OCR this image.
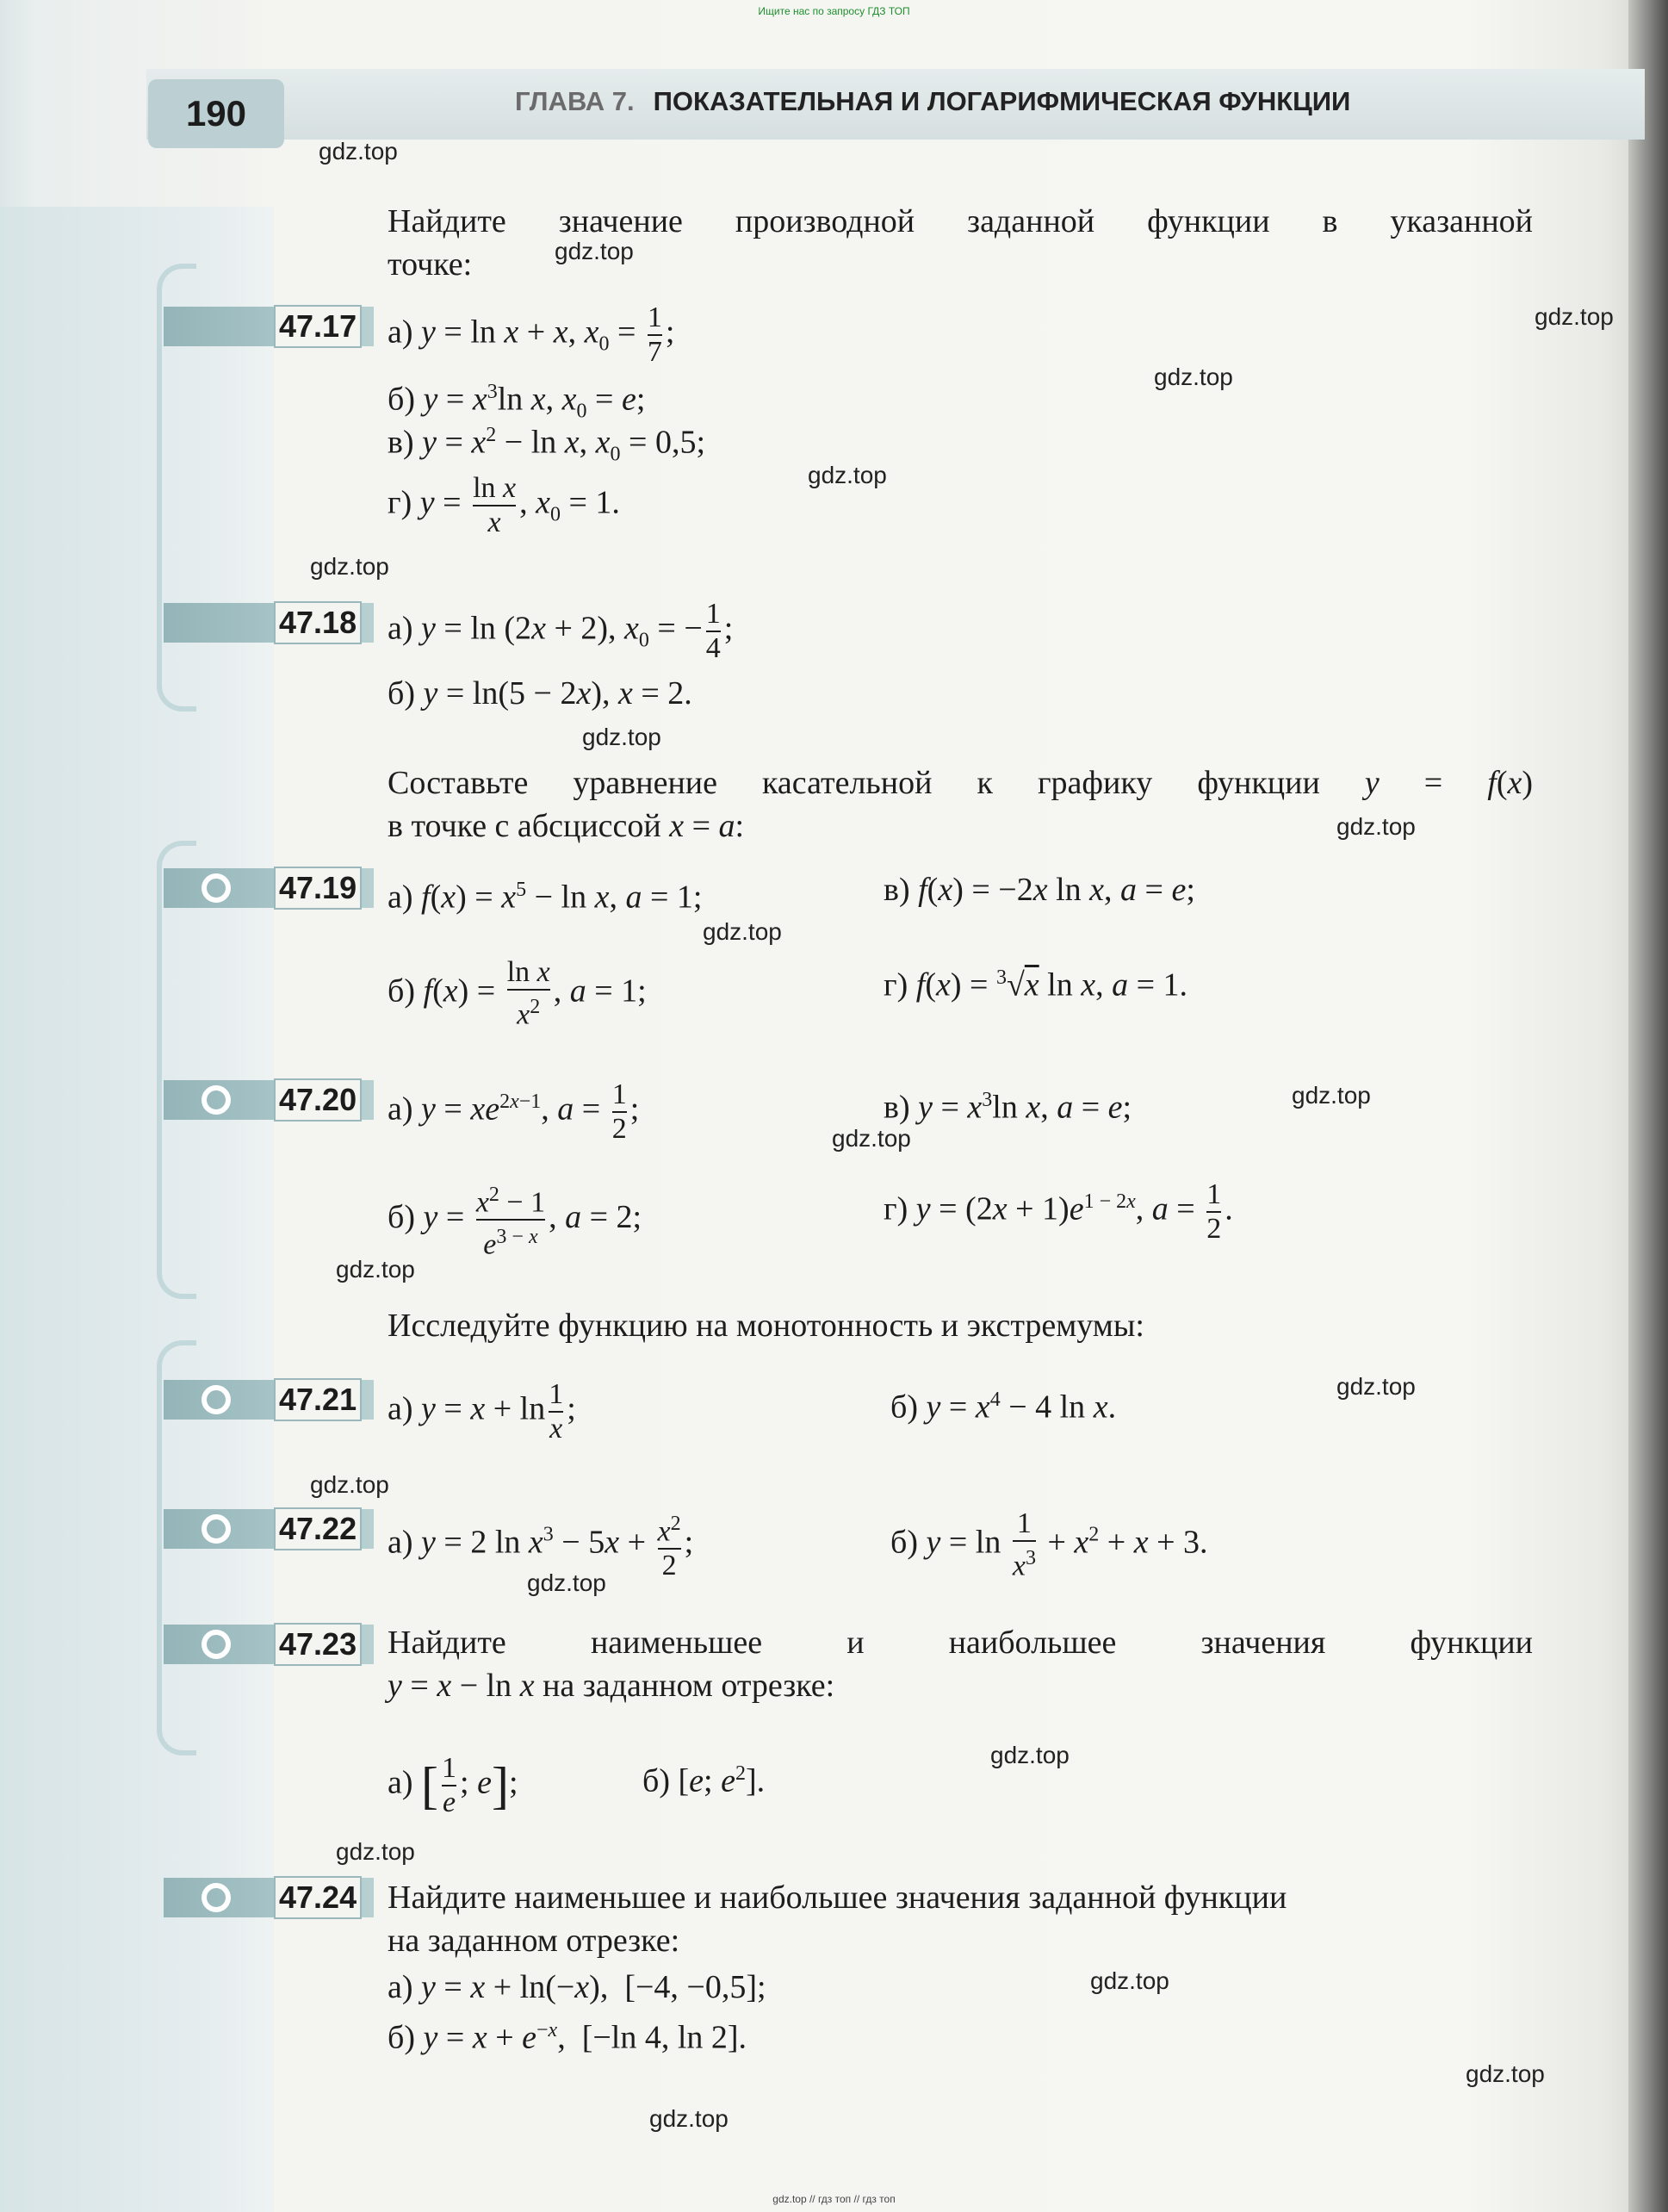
Ищите нас по запросу ГДЗ ТОП
190	ГЛАВА 7. ПОКАЗАТЕЛЬНАЯ И ЛОГАРИФМИЧЕСКАЯ ФУНКЦИИ
Найдите значение производной заданной функции в указанной
точке:
47.17 а) y = ln x + x, $x_0 = \frac{1}{7}$ ;
б) $y = x^3\ln$ x, $x_0 = e$;
в) $y = x^2 - \ln x$, $x_0 = 0,5$;
г) $y = \frac{\text{ln x}}{x}$ , $x_0 = 1$.
47.18 а) y = ln (2x + 2), $x_0$ = − $\frac{1}{4}$ ;
б) y = ln(5 − 2x), x = 2.
Составьте уравнение касательной к графику функции y = f(x)
в точке с абсциссой x = a:
47.19 а) $f(x) = x^5 - \ln x$, a = 1;	в) f(x) = −2x ln x, a = e;
б) $f(x) = \frac{\text{ln x}}{x^2}$ , a = 1;	г) f(x) = $^3$√x ln x, a = 1.
47.20 а) $y = xe^{2x-1}$, $a = \frac{1}{2}$ ;	в) $y = x^3\ln$ x, a = e;
б) $y = \frac{x^2 - 1}{e^{3 - x}}$ , a = 2;	г) $y = (2x + 1)e^{1 - 2x}$, $a = \frac{1}{2}$ .
Исследуйте функцию на монотонность и экстремумы:
47.21 а) $y = x + \ln \frac{1}{x}$ ;	б) $y = x^4 - 4$ ln x.
47.22 а) y = 2 $\ln x^3 - 5x + \frac{x^2}{2}$ ;	б) $y = \ln \frac{1}{x^3} + x^2 + x + 3$.
47.23 Найдите наименьшее и наибольшее значения функции
y = x − ln x на заданном отрезке:
а) [ $\frac{1}{e}$ ; e];	б) [e; $e^2$].
47.24 Найдите наименьшее и наибольшее значения заданной функции
на заданном отрезке:
а) y = x + ln(−x),  [−4, −0,5];
б) $y = x + e^{-x}$,  [−ln 4, ln 2].
gdz.top
gdz.top
gdz.top
gdz.top
gdz.top
gdz.top
gdz.top
gdz.top
gdz.top
gdz.top
gdz.top
gdz.top
gdz.top
gdz.top
gdz.top
gdz.top
gdz.top
gdz.top
gdz.top
gdz.top
gdz.top // гдз топ // гдз топ
